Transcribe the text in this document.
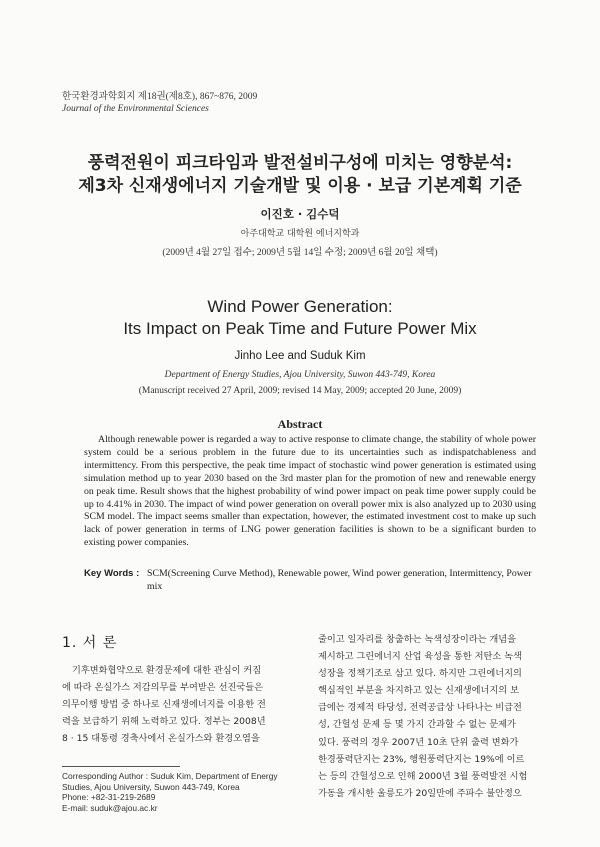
한국환경과학회지 제18권(제8호), 867~876, 2009
Journal of the Environmental Sciences
풍력전원이 피크타임과 발전설비구성에 미치는 영향분석:
제3차 신재생에너지 기술개발 및 이용 · 보급 기본계획 기준
이진호 · 김수덕
아주대학교 대학원 에너지학과
(2009년 4월 27일 접수; 2009년 5월 14일 수정; 2009년 6월 20일 채택)
Wind Power Generation:
Its Impact on Peak Time and Future Power Mix
Jinho Lee and Suduk Kim
Department of Energy Studies, Ajou University, Suwon 443-749, Korea
(Manuscript received 27 April, 2009; revised 14 May, 2009; accepted 20 June, 2009)
Abstract
Although renewable power is regarded a way to active response to climate change, the stability of whole power system could be a serious problem in the future due to its uncertainties such as indispatchableness and intermittency. From this perspective, the peak time impact of stochastic wind power generation is estimated using simulation method up to year 2030 based on the 3rd master plan for the promotion of new and renewable energy on peak time. Result shows that the highest probability of wind power impact on peak time power supply could be up to 4.41% in 2030. The impact of wind power generation on overall power mix is also analyzed up to 2030 using SCM model. The impact seems smaller than expectation, however, the estimated investment cost to make up such lack of power generation in terms of LNG power generation facilities is shown to be a significant burden to existing power companies.
Key Words : SCM(Screening Curve Method), Renewable power, Wind power generation, Intermittency, Power mix
1. 서 론
기후변화협약으로 환경문제에 대한 관심이 커짐
에 따라 온실가스 저감의무를 부여받은 선진국들은
의무이행 방법 중 하나로 신재생에너지를 이용한 전
력을 보급하기 위해 노력하고 있다. 정부는 2008년
8 · 15 대통령 경축사에서 온실가스와 환경오염을
줄이고 일자리를 창출하는 녹색성장이라는 개념을
제시하고 그린에너지 산업 육성을 통한 저탄소 녹색
성장을 정책기조로 삼고 있다. 하지만 그린에너지의
핵심적인 부분을 차지하고 있는 신재생에너지의 보
급에는 경제적 타당성, 전력공급상 나타나는 비급전
성, 간헐성 문제 등 몇 가지 간과할 수 없는 문제가
있다. 풍력의 경우 2007년 10초 단위 출력 변화가
한경풍력단지는 23%, 행원풍력단지는 19%에 이르
는 등의 간헐성으로 인해 2000년 3월 풍력발전 시험
가동을 개시한 울릉도가 20일만에 주파수 불안정으
Corresponding Author : Suduk Kim, Department of Energy
Studies, Ajou University, Suwon 443-749, Korea
Phone: +82-31-219-2689
E-mail: suduk@ajou.ac.kr
